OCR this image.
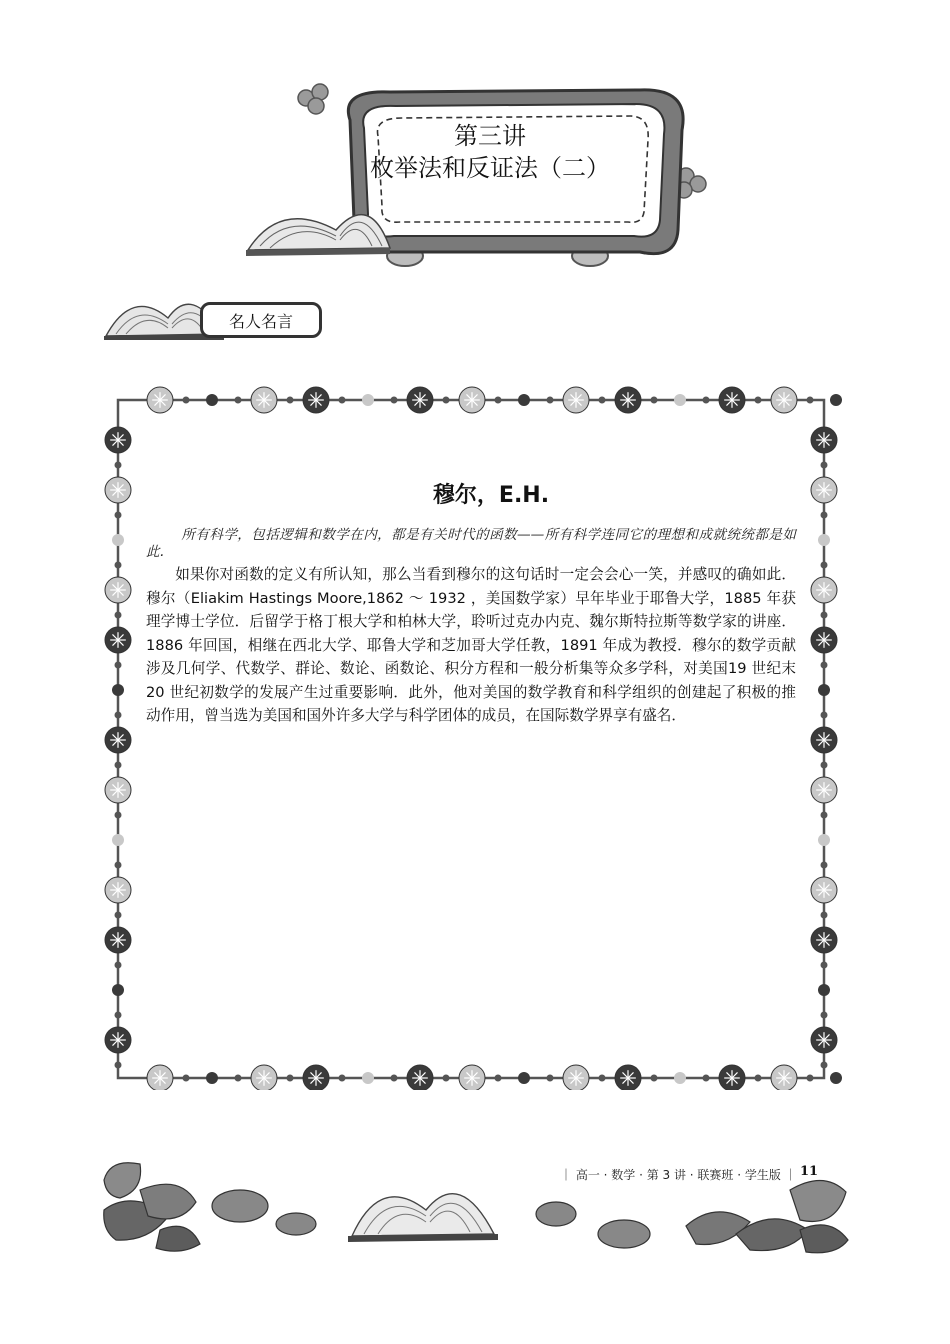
第三讲
枚举法和反证法（二）
名人名言
穆尔，E.H.

所有科学，包括逻辑和数学在内，都是有关时代的函数——所有科学连同它的理想和成就统统都是如此.

如果你对函数的定义有所认知，那么当看到穆尔的这句话时一定会会心一笑，并感叹的确如此．穆尔（Eliakim Hastings Moore,1862 ～ 1932 ，美国数学家）早年毕业于耶鲁大学，1885 年获理学博士学位．后留学于格丁根大学和柏林大学，聆听过克办内克、魏尔斯特拉斯等数学家的讲座．1886 年回国，相继在西北大学、耶鲁大学和芝加哥大学任教，1891 年成为教授．穆尔的数学贡献涉及几何学、代数学、群论、数论、函数论、积分方程和一般分析集等众多学科，对美国19 世纪末 20 世纪初数学的发展产生过重要影响．此外，他对美国的数学教育和科学组织的创建起了积极的推动作用，曾当选为美国和国外许多大学与科学团体的成员，在国际数学界享有盛名．

｜ 高一 · 数学 · 第 3 讲 · 联赛班 · 学生版 ｜ 11
